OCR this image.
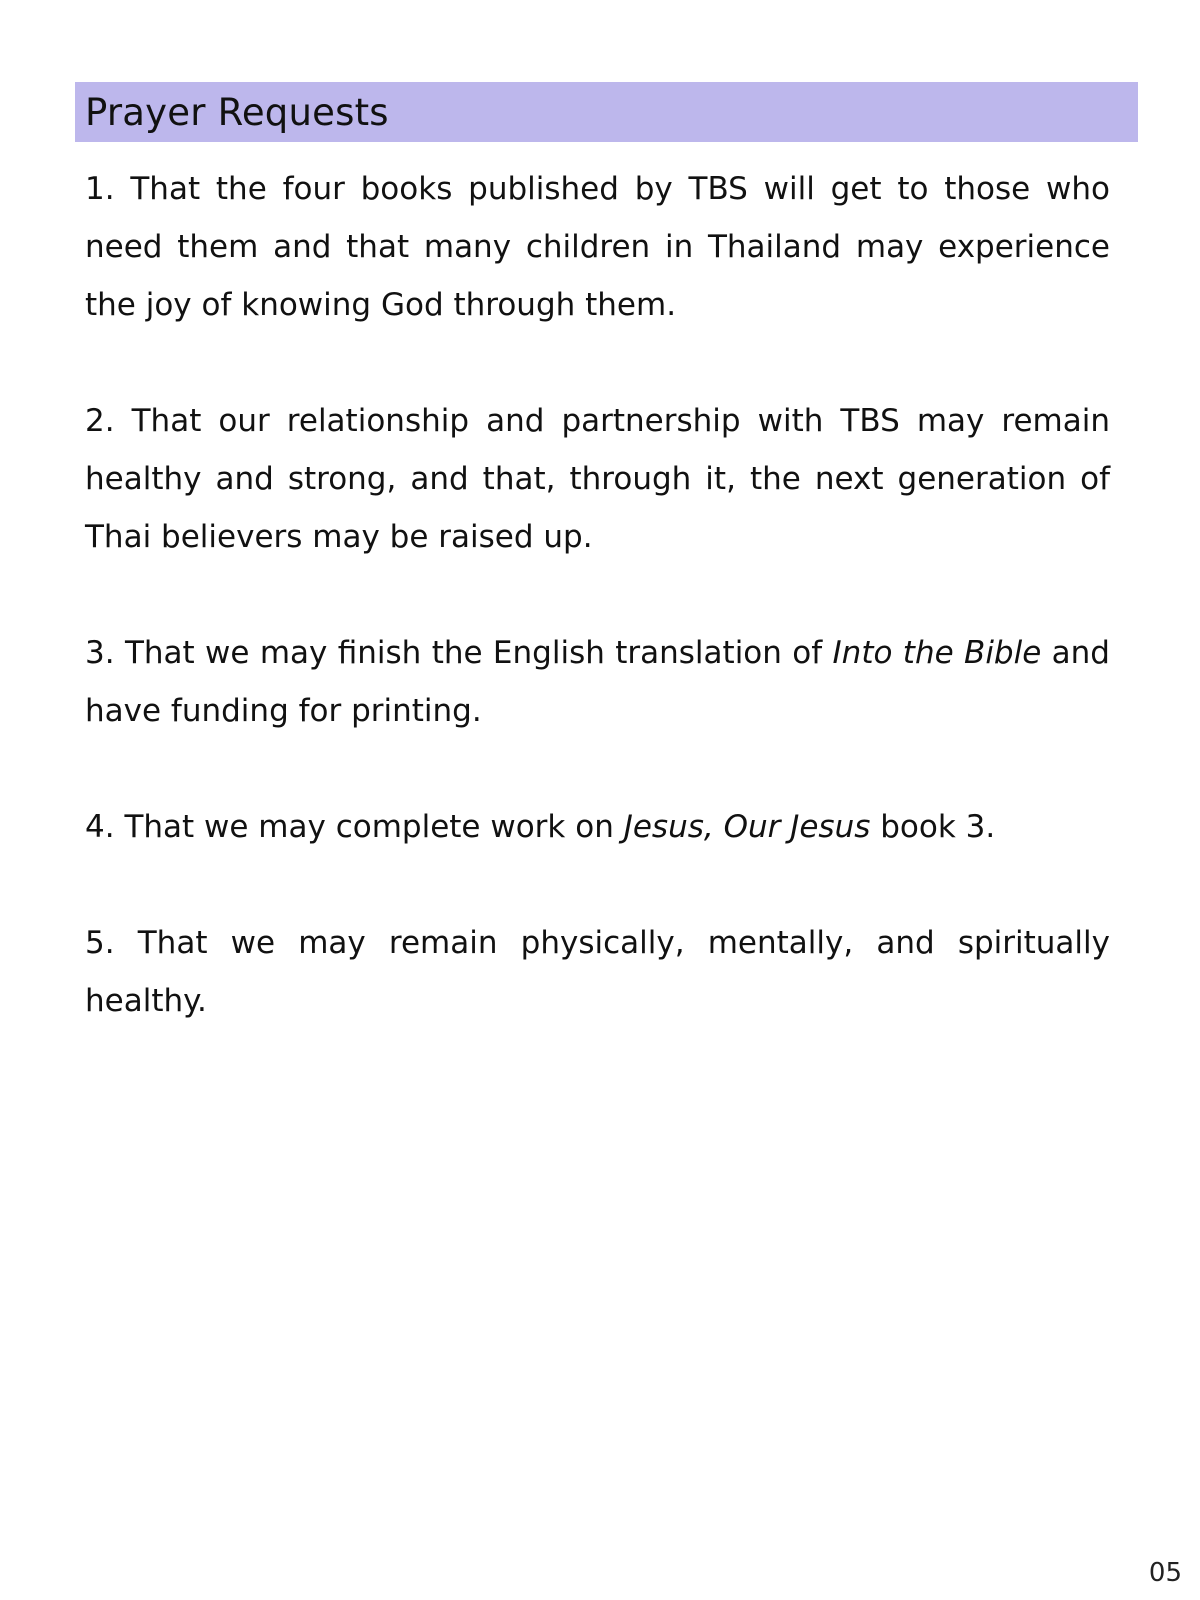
Prayer Requests
1. That the four books published by TBS will get to those who need them and that many children in Thailand may experience the joy of knowing God through them.
2. That our relationship and partnership with TBS may remain healthy and strong, and that, through it, the next generation of Thai believers may be raised up.
3. That we may finish the English translation of Into the Bible and have funding for printing.
4. That we may complete work on Jesus, Our Jesus book 3.
5. That we may remain physically, mentally, and spiritually healthy.
05
